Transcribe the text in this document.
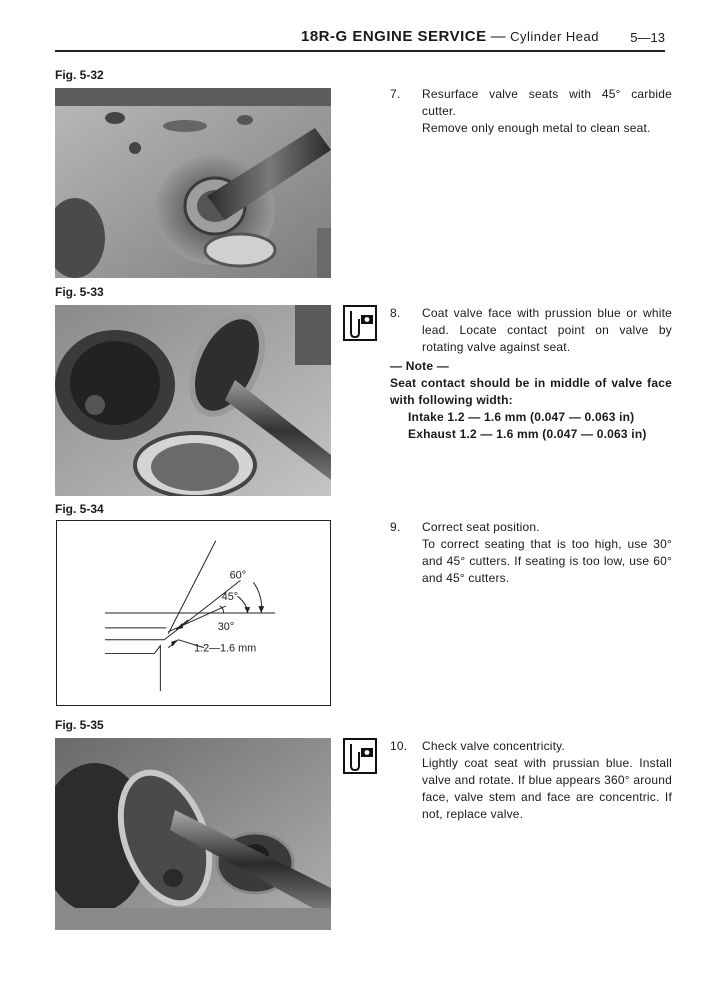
18R-G ENGINE SERVICE — Cylinder Head 5—13
Fig. 5-32
Fig. 5-33
Fig. 5-34
60°
45°
30°
1.2—1.6 mm
Fig. 5-35
7. Resurface valve seats with 45° carbide cutter.

Remove only enough metal to clean seat.

8. Coat valve face with prussion blue or white lead. Locate contact point on valve by rotating valve against seat.

— Note —

Seat contact should be in middle of valve face with following width:

Intake 1.2 — 1.6 mm (0.047 — 0.063 in)

Exhaust 1.2 — 1.6 mm (0.047 — 0.063 in)

9. Correct seat position.

To correct seating that is too high, use 30° and 45° cutters. If seating is too low, use 60° and 45° cutters.

10. Check valve concentricity.

Lightly coat seat with prussian blue. Install valve and rotate. If blue appears 360° around face, valve stem and face are concentric. If not, replace valve.
